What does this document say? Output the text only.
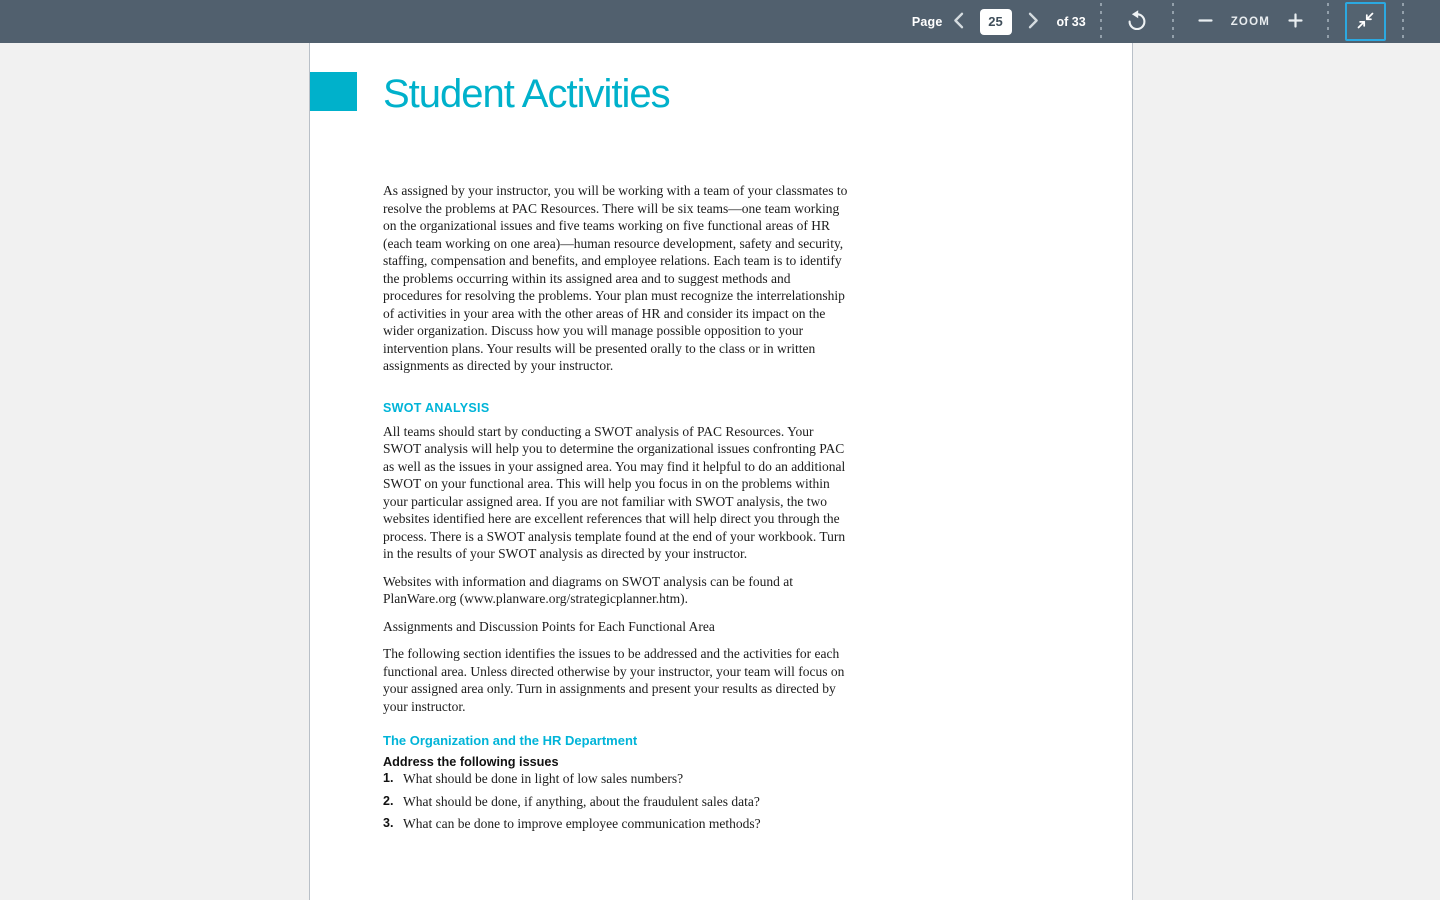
Page
25	of 33	ZOOM
Student Activities

As assigned by your instructor, you will be working with a team of your classmates to resolve the problems at PAC Resources. There will be six teams—one team working on the organizational issues and five teams working on five functional areas of HR (each team working on one area)—human resource development, safety and security, staffing, compensation and benefits, and employee relations. Each team is to identify the problems occurring within its assigned area and to suggest methods and procedures for resolving the problems. Your plan must recognize the interrelationship of activities in your area with the other areas of HR and consider its impact on the wider organization. Discuss how you will manage possible opposition to your intervention plans. Your results will be presented orally to the class or in written assignments as directed by your instructor.

SWOT ANALYSIS

All teams should start by conducting a SWOT analysis of PAC Resources. Your SWOT analysis will help you to determine the organizational issues confronting PAC as well as the issues in your assigned area. You may find it helpful to do an additional SWOT on your functional area. This will help you focus in on the problems within your particular assigned area. If you are not familiar with SWOT analysis, the two websites identified here are excellent references that will help direct you through the process. There is a SWOT analysis template found at the end of your workbook. Turn in the results of your SWOT analysis as directed by your instructor.

Websites with information and diagrams on SWOT analysis can be found at PlanWare.org (www.planware.org/strategicplanner.htm).

Assignments and Discussion Points for Each Functional Area

The following section identifies the issues to be addressed and the activities for each functional area. Unless directed otherwise by your instructor, your team will focus on your assigned area only. Turn in assignments and present your results as directed by your instructor.

The Organization and the HR Department
Address the following issues
1. What should be done in light of low sales numbers?
2. What should be done, if anything, about the fraudulent sales data?
3. What can be done to improve employee communication methods?
